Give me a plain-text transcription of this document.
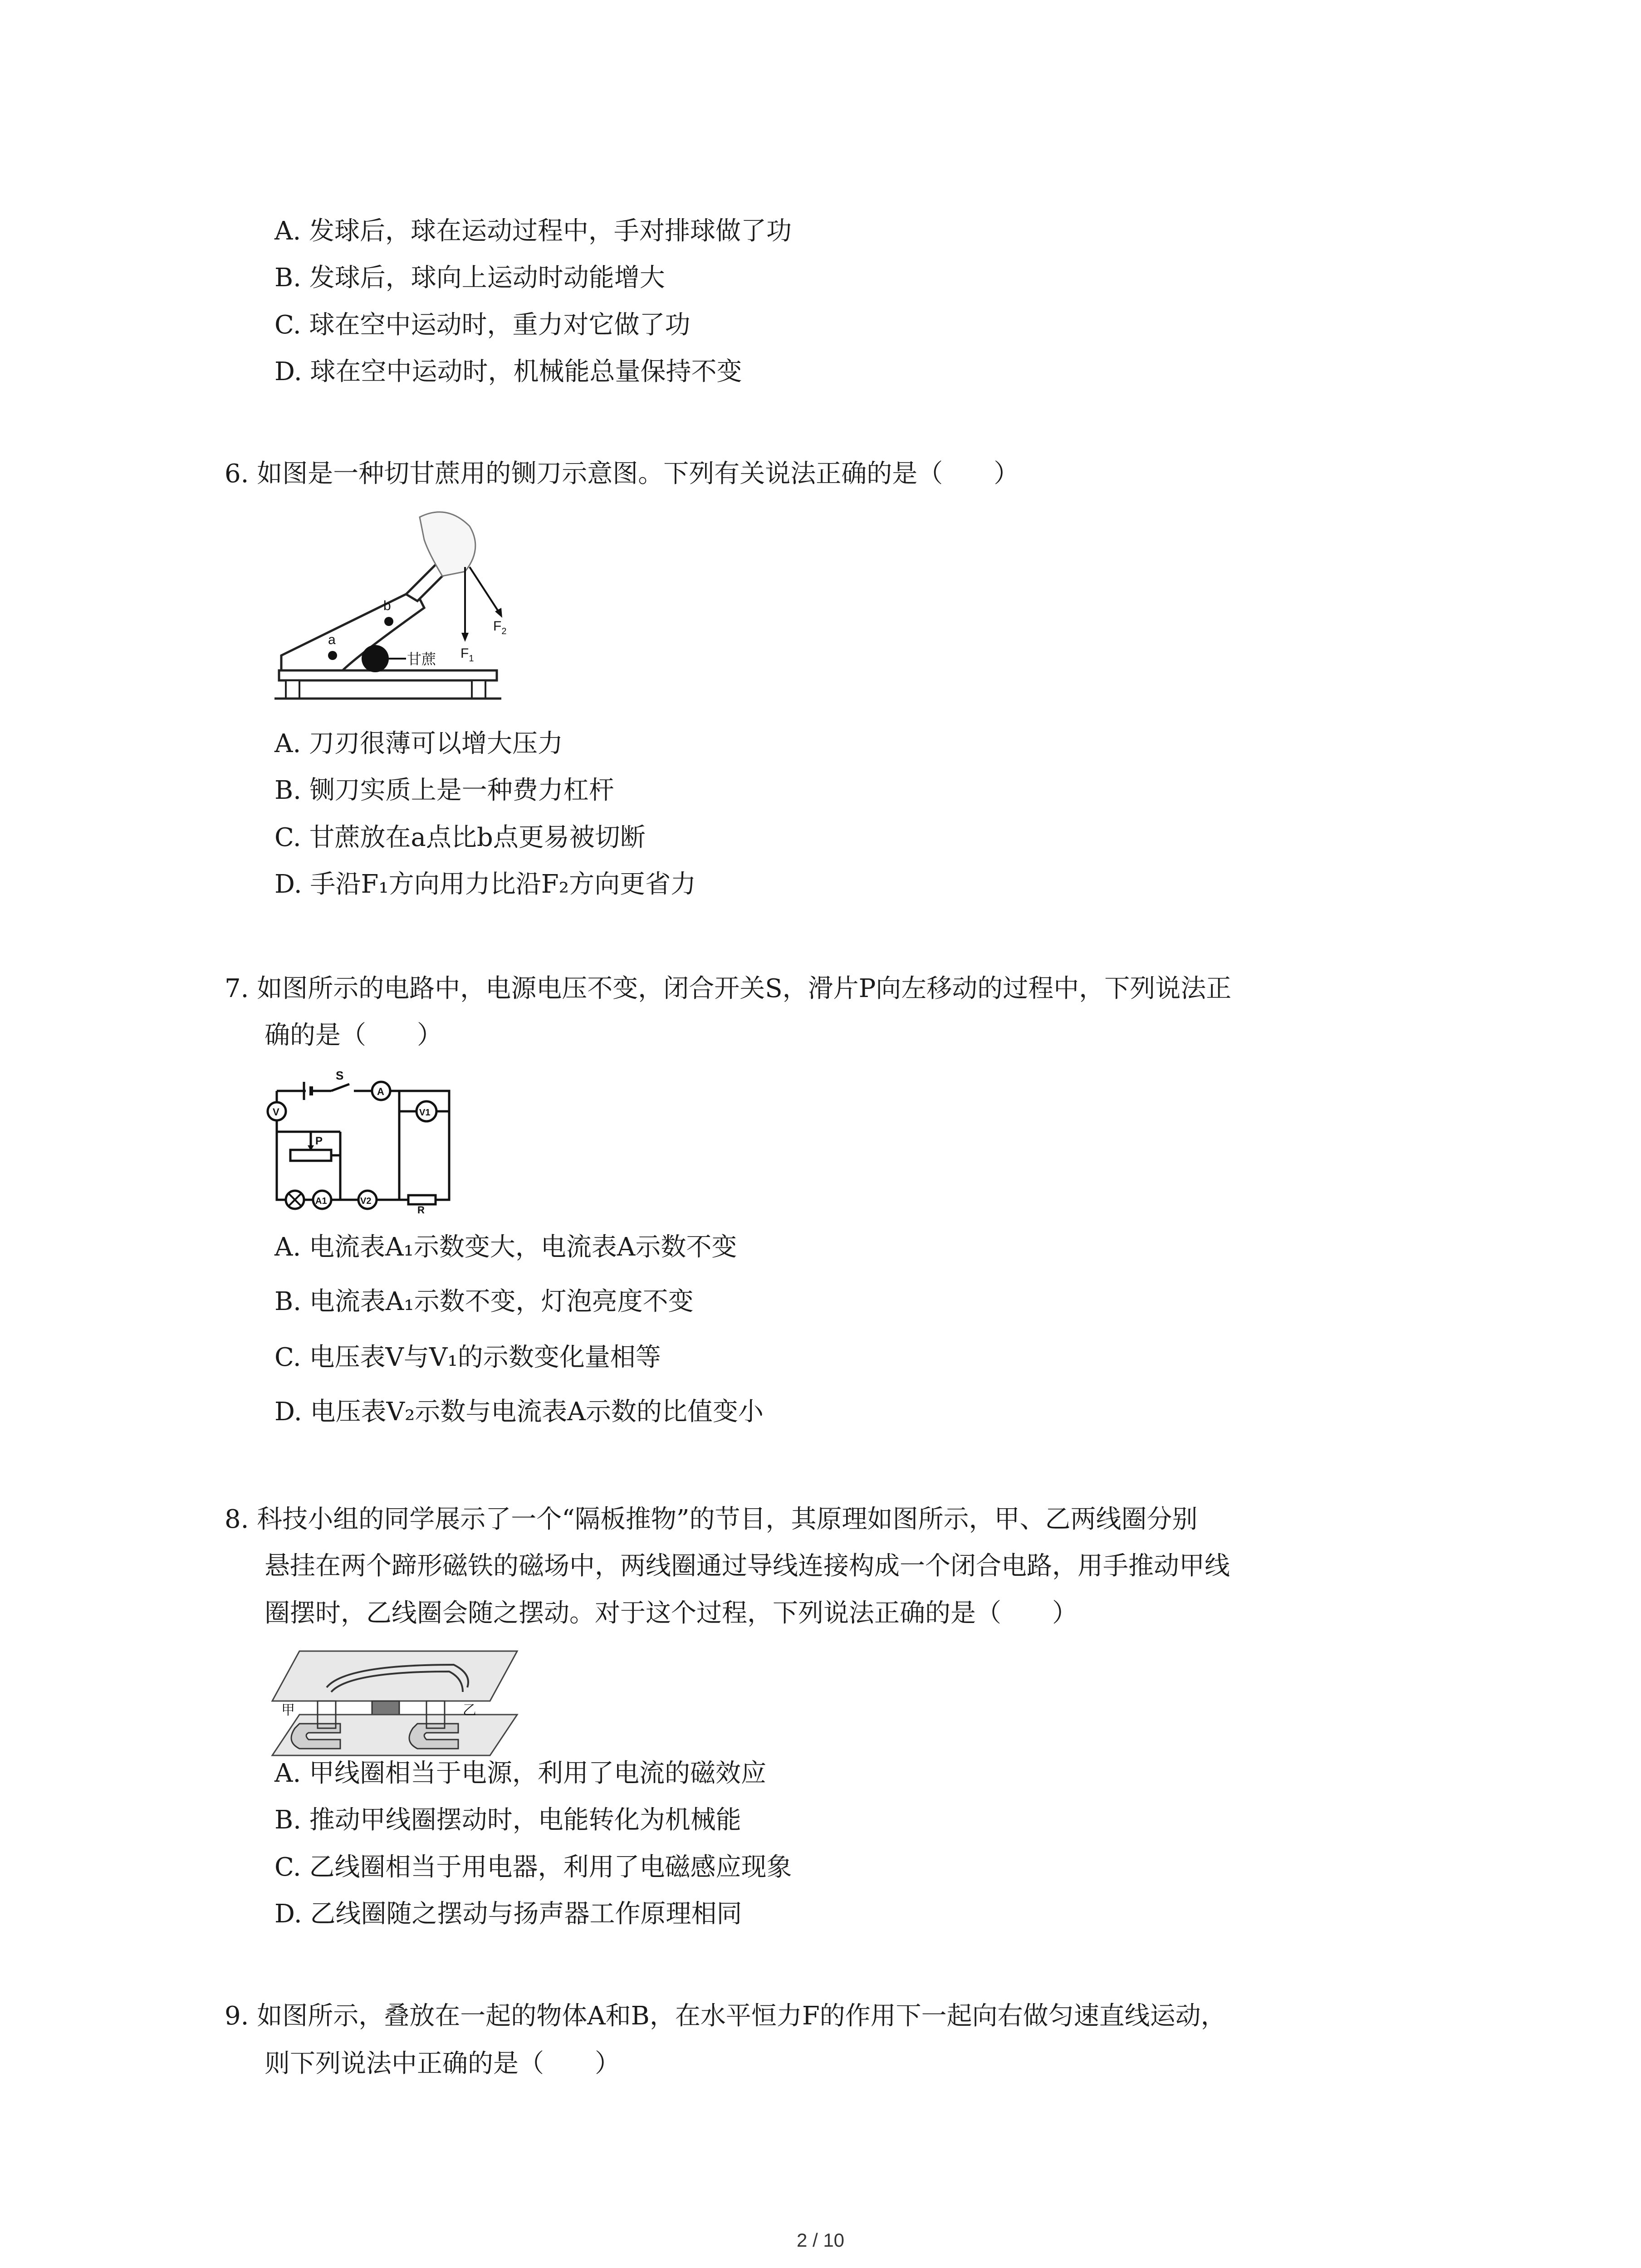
A. 发球后，球在运动过程中，手对排球做了功
B. 发球后，球向上运动时动能增大
C. 球在空中运动时，重力对它做了功
D. 球在空中运动时，机械能总量保持不变
6. 如图是一种切甘蔗用的铡刀示意图。下列有关说法正确的是（　　）
a
b
甘蔗 $F_1$
$F_2$
A. 刀刃很薄可以增大压力
B. 铡刀实质上是一种费力杠杆
C. 甘蔗放在a点比b点更易被切断
D. 手沿F₁方向用力比沿F₂方向更省力
7. 如图所示的电路中，电源电压不变，闭合开关S，滑片P向左移动的过程中，下列说法正
确的是（　　）
S
A
V	V1
P
A1	V2
R
A. 电流表A₁示数变大，电流表A示数不变
B. 电流表A₁示数不变，灯泡亮度不变
C. 电压表V与V₁的示数变化量相等
D. 电压表V₂示数与电流表A示数的比值变小
8. 科技小组的同学展示了一个“隔板推物”的节目，其原理如图所示，甲、乙两线圈分别
悬挂在两个蹄形磁铁的磁场中，两线圈通过导线连接构成一个闭合电路，用手推动甲线
圈摆时，乙线圈会随之摆动。对于这个过程，下列说法正确的是（　　）
甲	乙
A. 甲线圈相当于电源，利用了电流的磁效应
B. 推动甲线圈摆动时，电能转化为机械能
C. 乙线圈相当于用电器，利用了电磁感应现象
D. 乙线圈随之摆动与扬声器工作原理相同
9. 如图所示，叠放在一起的物体A和B，在水平恒力F的作用下一起向右做匀速直线运动，
则下列说法中正确的是（　　）
2 / 10
